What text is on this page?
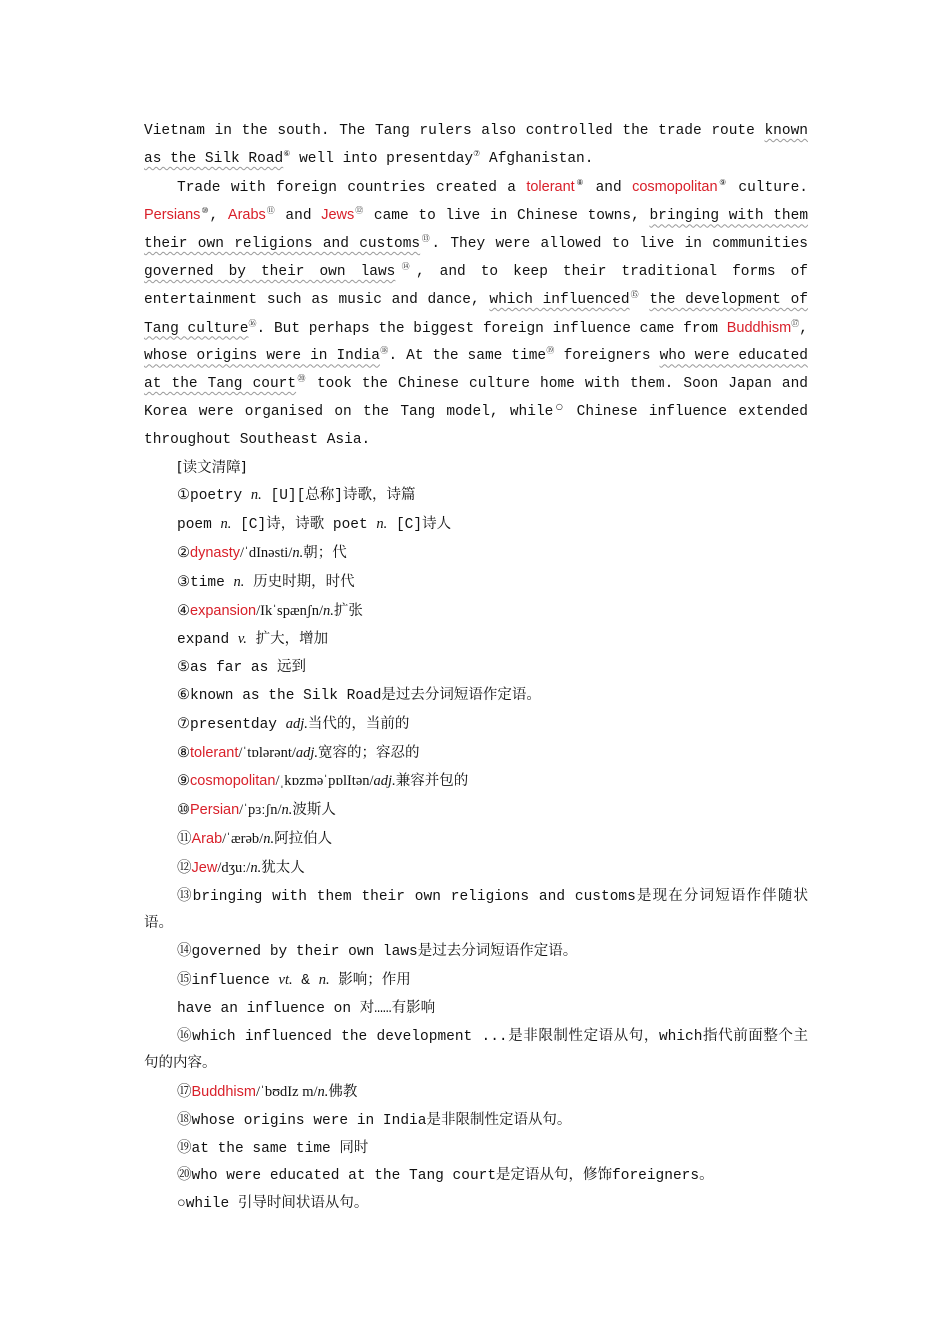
Vietnam in the south. The Tang rulers also controlled the trade route known as the Silk Road⑥ well into presentday⑦ Afghanistan.

Trade with foreign countries created a tolerant⑧ and cosmopolitan⑨ culture. Persians⑩, Arabs⑪ and Jews⑫ came to live in Chinese towns, bringing with them their own religions and customs⑬. They were allowed to live in communities governed by their own laws⑭, and to keep their traditional forms of entertainment such as music and dance, which influenced⑮ the development of Tang culture⑯. But perhaps the biggest foreign influence came from Buddhism⑰, whose origins were in India⑱. At the same time⑲ foreigners who were educated at the Tang court⑳ took the Chinese culture home with them. Soon Japan and Korea were organised on the Tang model, while○ Chinese influence extended throughout Southeast Asia.

[读文清障]

①poetry n. [U][总称]诗歌，诗篇

poem n. [C]诗，诗歌 poet n. [C]诗人

②dynasty/ˈdInəsti/n.朝；代

③time n. 历史时期，时代

④expansion/Ikˈspænʃn/n.扩张

expand v. 扩大，增加

⑤as far as 远到

⑥known as the Silk Road是过去分词短语作定语。

⑦presentday adj.当代的，当前的

⑧tolerant/ˈtɒlərənt/adj.宽容的；容忍的

⑨cosmopolitan/ˌkɒzməˈpɒlItən/adj.兼容并包的

⑩Persian/ˈpɜːʃn/n.波斯人

⑪Arab/ˈærəb/n.阿拉伯人

⑫Jew/dʒuː/n.犹太人

⑬bringing with them their own religions and customs是现在分词短语作伴随状语。

⑭governed by their own laws是过去分词短语作定语。

⑮influence vt. & n. 影响；作用

have an influence on 对……有影响

⑯which influenced the development ...是非限制性定语从句，which指代前面整个主句的内容。

⑰Buddhism/ˈbʊdIz m/n.佛教

⑱whose origins were in India是非限制性定语从句。

⑲at the same time 同时

⑳who were educated at the Tang court是定语从句，修饰foreigners。

○while 引导时间状语从句。
